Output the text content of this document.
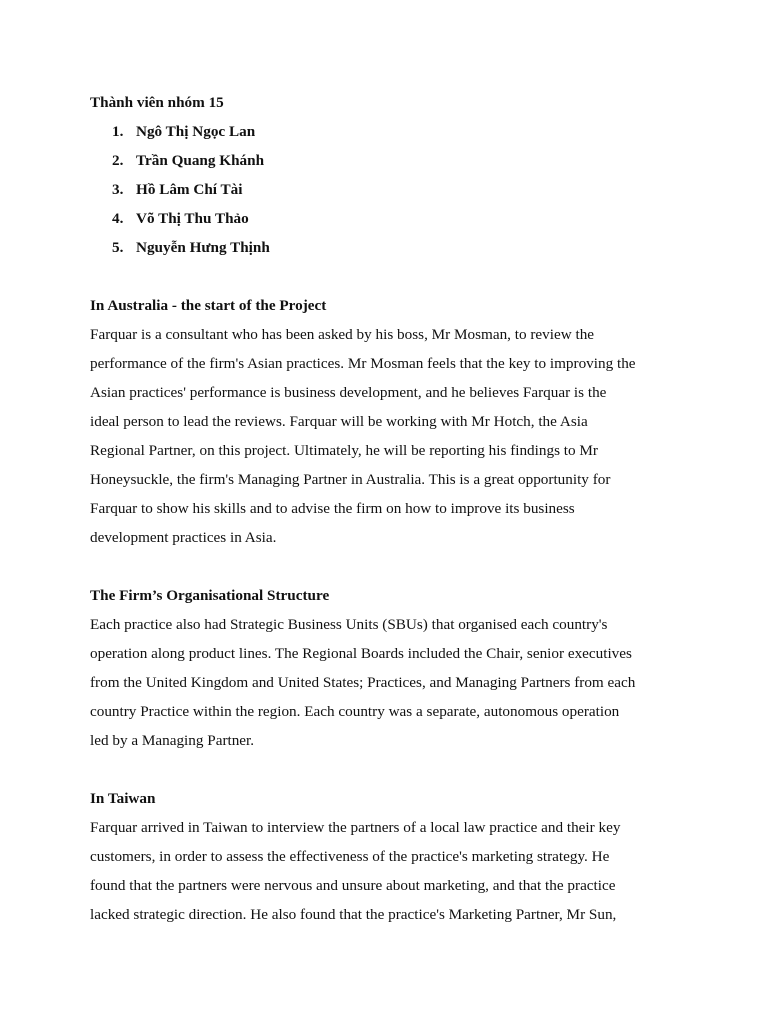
Thành viên nhóm 15
1. Ngô Thị Ngọc Lan
2. Trần Quang Khánh
3. Hồ Lâm Chí Tài
4. Võ Thị Thu Thảo
5. Nguyễn Hưng Thịnh
In Australia - the start of the Project

Farquar is a consultant who has been asked by his boss, Mr Mosman, to review the
performance of the firm's Asian practices. Mr Mosman feels that the key to improving the
Asian practices' performance is business development, and he believes Farquar is the
ideal person to lead the reviews. Farquar will be working with Mr Hotch, the Asia
Regional Partner, on this project. Ultimately, he will be reporting his findings to Mr
Honeysuckle, the firm's Managing Partner in Australia. This is a great opportunity for
Farquar to show his skills and to advise the firm on how to improve its business
development practices in Asia.

The Firm’s Organisational Structure

Each practice also had Strategic Business Units (SBUs) that organised each country's
operation along product lines. The Regional Boards included the Chair, senior executives
from the United Kingdom and United States; Practices, and Managing Partners from each
country Practice within the region. Each country was a separate, autonomous operation
led by a Managing Partner.

In Taiwan

Farquar arrived in Taiwan to interview the partners of a local law practice and their key
customers, in order to assess the effectiveness of the practice's marketing strategy. He
found that the partners were nervous and unsure about marketing, and that the practice
lacked strategic direction. He also found that the practice's Marketing Partner, Mr Sun,
